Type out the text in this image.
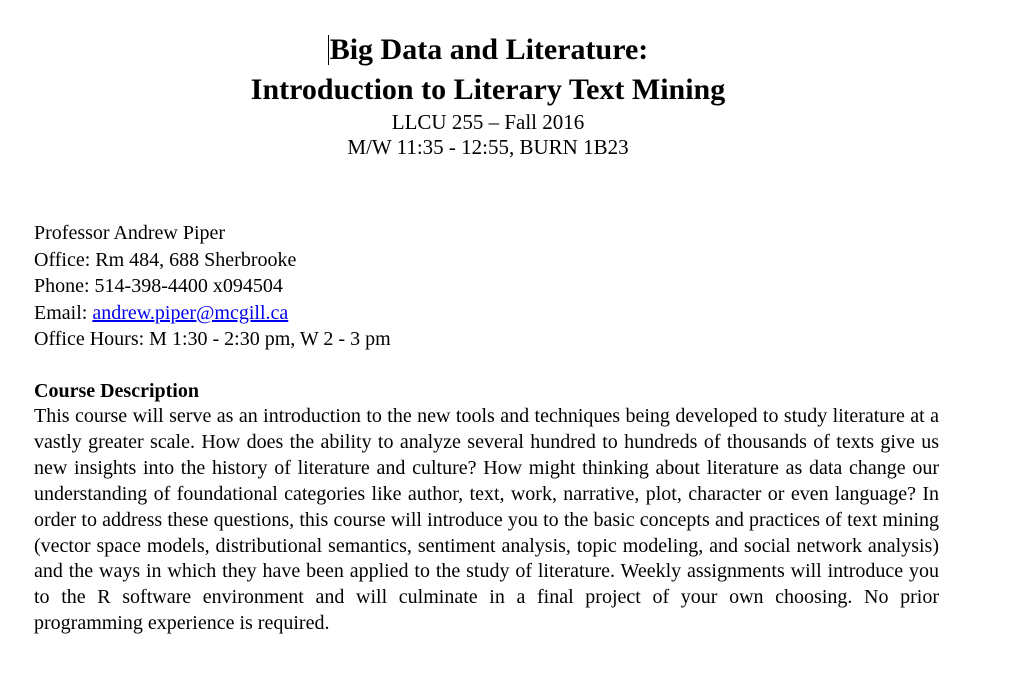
Big Data and Literature:
Introduction to Literary Text Mining
LLCU 255 – Fall 2016
M/W 11:35 - 12:55, BURN 1B23
Professor Andrew Piper
Office: Rm 484, 688 Sherbrooke
Phone: 514-398-4400 x094504
Email: andrew.piper@mcgill.ca
Office Hours: M 1:30 - 2:30 pm, W 2 - 3 pm
Course Description

This course will serve as an introduction to the new tools and techniques being developed to study literature at a vastly greater scale. How does the ability to analyze several hundred to hundreds of thousands of texts give us new insights into the history of literature and culture? How might thinking about literature as data change our understanding of foundational categories like author, text, work, narrative, plot, character or even language? In order to address these questions, this course will introduce you to the basic concepts and practices of text mining (vector space models, distributional semantics, sentiment analysis, topic modeling, and social network analysis) and the ways in which they have been applied to the study of literature. Weekly assignments will introduce you to the R software environment and will culminate in a final project of your own choosing. No prior programming experience is required.
